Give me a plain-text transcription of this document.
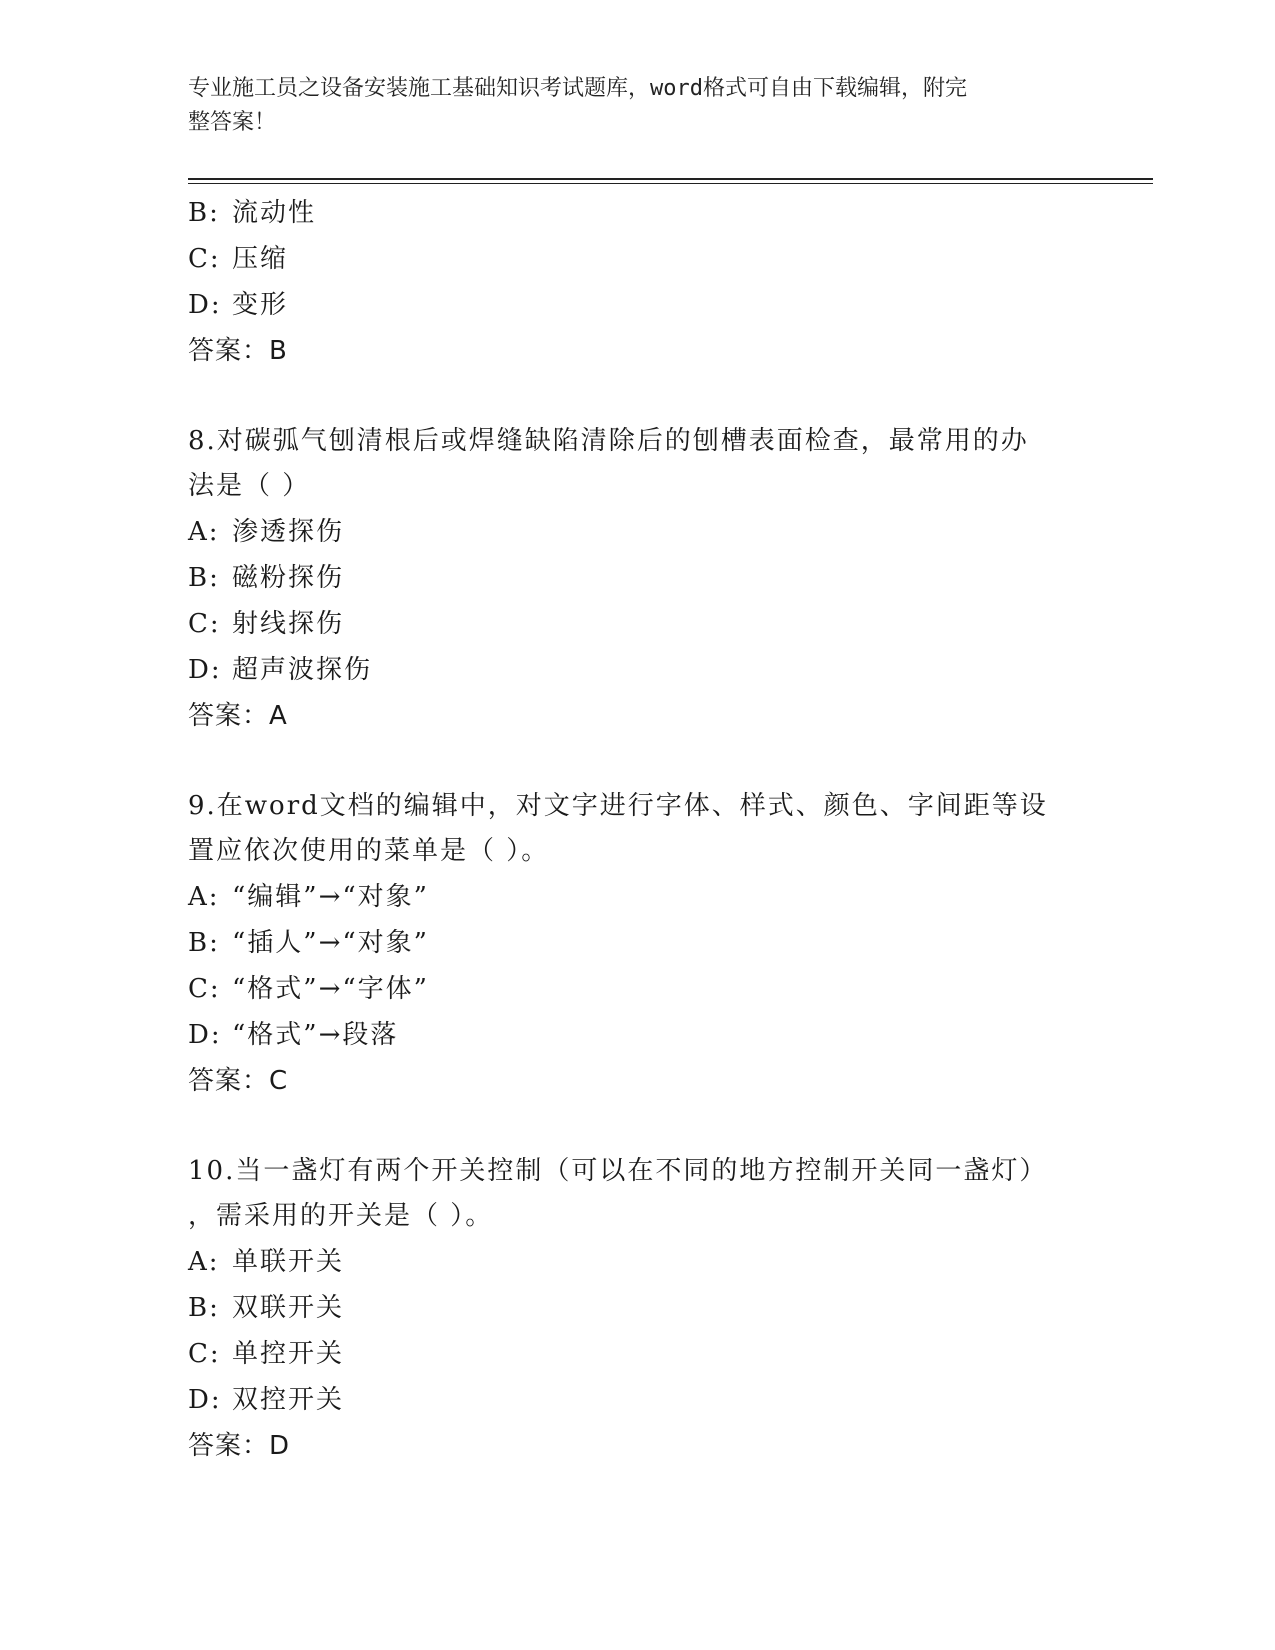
专业施工员之设备安装施工基础知识考试题库，word格式可自由下载编辑，附完
整答案！
B: 流动性
C: 压缩
D: 变形
答案：B
8.对碳弧气刨清根后或焊缝缺陷清除后的刨槽表面检查，最常用的办
法是（ ）
A: 渗透探伤
B: 磁粉探伤
C: 射线探伤
D: 超声波探伤
答案：A
9.在word文档的编辑中，对文字进行字体、样式、颜色、字间距等设
置应依次使用的菜单是（ ）。
A: “编辑”→“对象”
B: “插人”→“对象”
C: “格式”→“字体”
D: “格式”→段落
答案：C
10.当一盏灯有两个开关控制（可以在不同的地方控制开关同一盏灯）
，需采用的开关是（ ）。
A: 单联开关
B: 双联开关
C: 单控开关
D: 双控开关
答案：D
